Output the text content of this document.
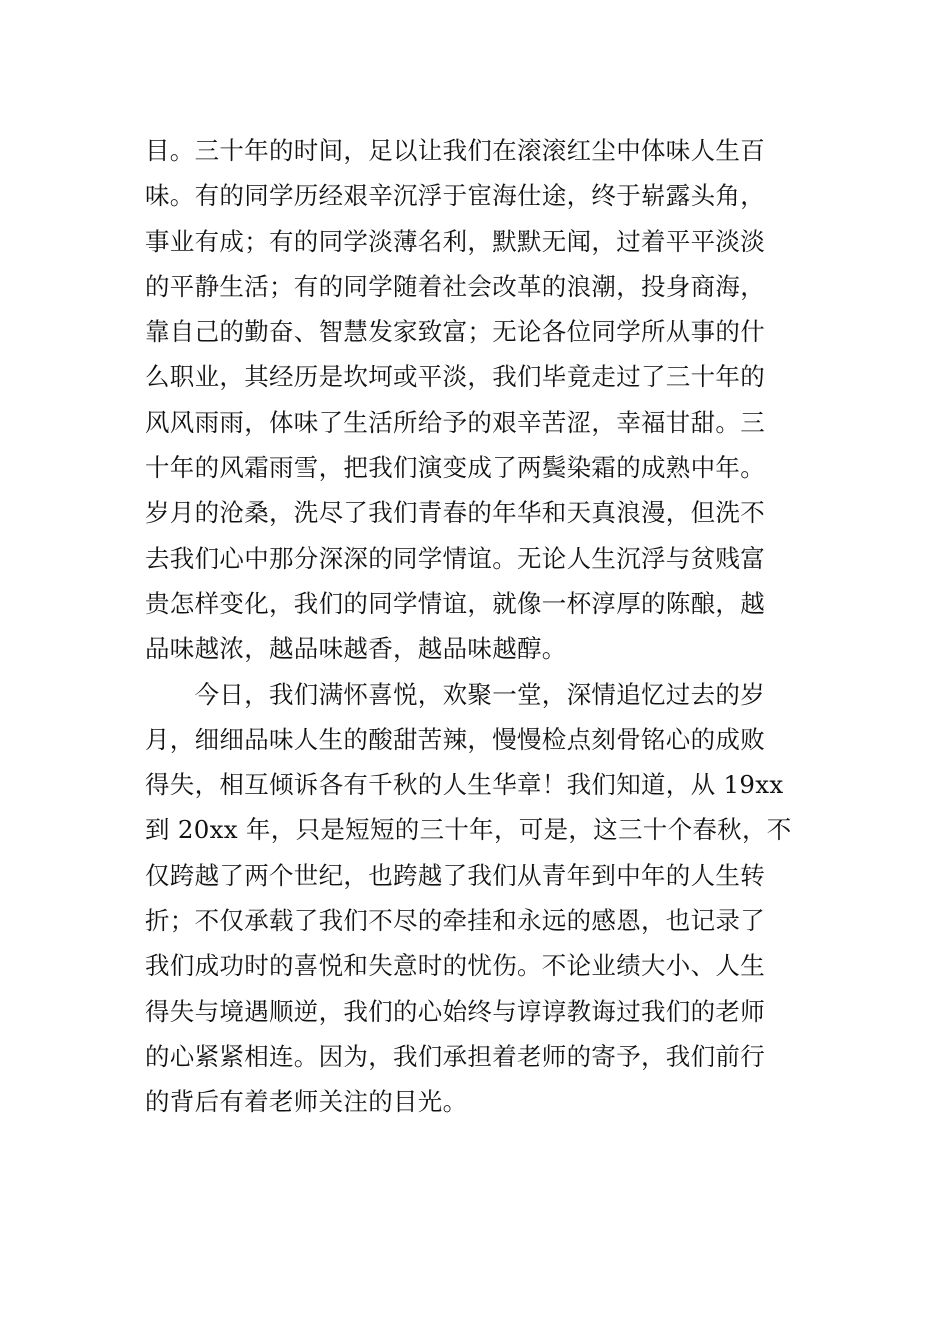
目。三十年的时间，足以让我们在滚滚红尘中体味人生百
味。有的同学历经艰辛沉浮于宦海仕途，终于崭露头角，
事业有成；有的同学淡薄名利，默默无闻，过着平平淡淡
的平静生活；有的同学随着社会改革的浪潮，投身商海，
靠自己的勤奋、智慧发家致富；无论各位同学所从事的什
么职业，其经历是坎坷或平淡，我们毕竟走过了三十年的
风风雨雨，体味了生活所给予的艰辛苦涩，幸福甘甜。三
十年的风霜雨雪，把我们演变成了两鬓染霜的成熟中年。
岁月的沧桑，洗尽了我们青春的年华和天真浪漫，但洗不
去我们心中那分深深的同学情谊。无论人生沉浮与贫贱富
贵怎样变化，我们的同学情谊，就像一杯淳厚的陈酿，越
品味越浓，越品味越香，越品味越醇。
　　今日，我们满怀喜悦，欢聚一堂，深情追忆过去的岁
月，细细品味人生的酸甜苦辣，慢慢检点刻骨铭心的成败
得失，相互倾诉各有千秋的人生华章！我们知道，从 19xx
到 20xx 年，只是短短的三十年，可是，这三十个春秋，不
仅跨越了两个世纪，也跨越了我们从青年到中年的人生转
折；不仅承载了我们不尽的牵挂和永远的感恩，也记录了
我们成功时的喜悦和失意时的忧伤。不论业绩大小、人生
得失与境遇顺逆，我们的心始终与谆谆教诲过我们的老师
的心紧紧相连。因为，我们承担着老师的寄予，我们前行
的背后有着老师关注的目光。
